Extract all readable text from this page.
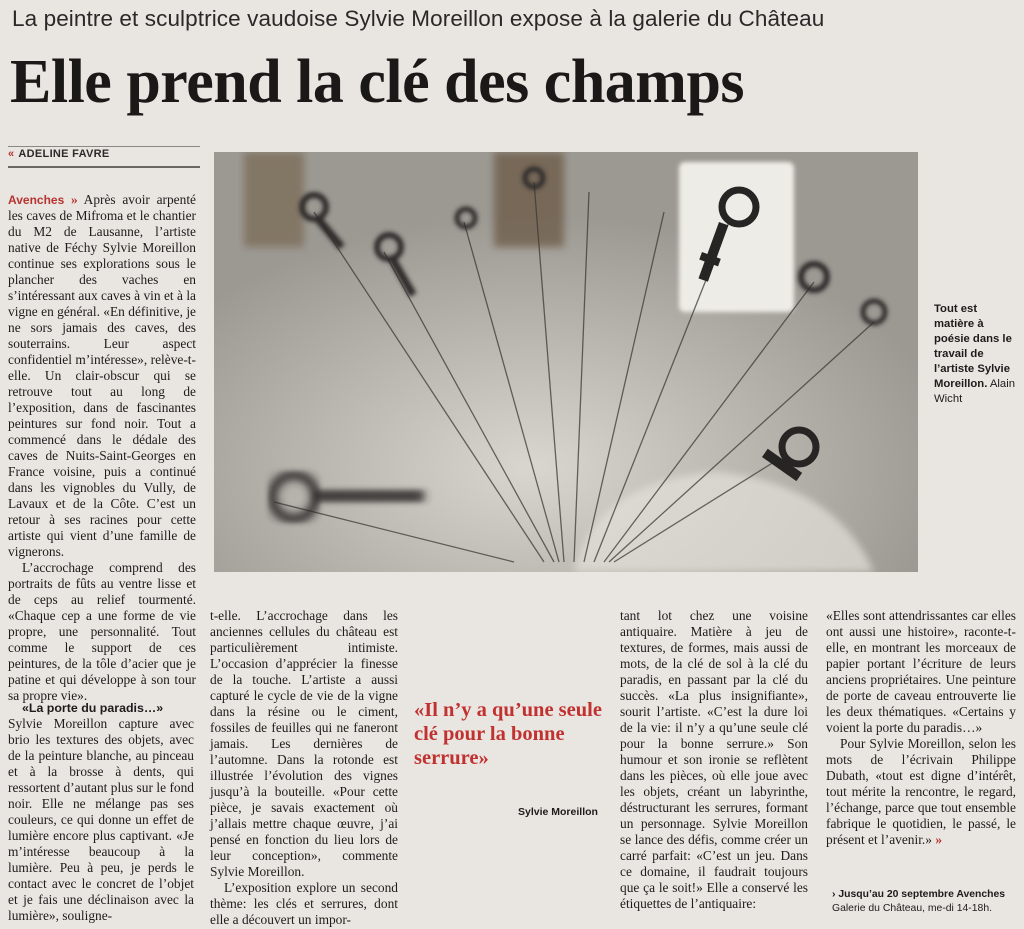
La peintre et sculptrice vaudoise Sylvie Moreillon expose à la galerie du Château
Elle prend la clé des champs
« ADELINE FAVRE

Avenches » Après avoir arpenté les caves de Mifroma et le chantier du M2 de Lausanne, l’artiste native de Féchy Sylvie Moreillon continue ses explorations sous le plancher des vaches en s’intéressant aux caves à vin et à la vigne en général. «En définitive, je ne sors jamais des caves, des souterrains. Leur aspect confidentiel m’intéresse», relève-t-elle. Un clair-obscur qui se retrouve tout au long de l’exposition, dans de fascinantes peintures sur fond noir. Tout a commencé dans le dédale des caves de Nuits-Saint-Georges en France voisine, puis a continué dans les vignobles du Vully, de Lavaux et de la Côte. C’est un retour à ses racines pour cette artiste qui vient d’une famille de vignerons.

L’accrochage comprend des portraits de fûts au ventre lisse et de ceps au relief tourmenté. «Chaque cep a une forme de vie propre, une personnalité. Tout comme le support de ces peintures, de la tôle d’acier que je patine et qui développe à son tour sa propre vie».

«La porte du paradis…»

Sylvie Moreillon capture avec brio les textures des objets, avec de la peinture blanche, au pinceau et à la brosse à dents, qui ressortent d’autant plus sur le fond noir. Elle ne mélange pas ses couleurs, ce qui donne un effet de lumière encore plus captivant. «Je m’intéresse beaucoup à la lumière. Peu à peu, je perds le contact avec le concret de l’objet et je fais une déclinaison avec la lumière», souligne-

Tout est matière à poésie dans le travail de l’artiste Sylvie Moreillon. Alain Wicht

t-elle. L’accrochage dans les anciennes cellules du château est particulièrement intimiste. L’occasion d’apprécier la finesse de la touche. L’artiste a aussi capturé le cycle de vie de la vigne dans la résine ou le ciment, fossiles de feuilles qui ne faneront jamais. Les dernières de l’automne. Dans la rotonde est illustrée l’évolution des vignes jusqu’à la bouteille. «Pour cette pièce, je savais exactement où j’allais mettre chaque œuvre, j’ai pensé en fonction du lieu lors de leur conception», commente Sylvie Moreillon.

L’exposition explore un second thème: les clés et serrures, dont elle a découvert un impor-

«Il n’y a qu’une seule clé pour la bonne serrure»
Sylvie Moreillon

tant lot chez une voisine antiquaire. Matière à jeu de textures, de formes, mais aussi de mots, de la clé de sol à la clé du paradis, en passant par la clé du succès. «La plus insignifiante», sourit l’artiste. «C’est la dure loi de la vie: il n’y a qu’une seule clé pour la bonne serrure.» Son humour et son ironie se reflètent dans les pièces, où elle joue avec les objets, créant un labyrinthe, déstructurant les serrures, formant un personnage. Sylvie Moreillon se lance des défis, comme créer un carré parfait: «C’est un jeu. Dans ce domaine, il faudrait toujours que ça le soit!» Elle a conservé les étiquettes de l’antiquaire:

«Elles sont attendrissantes car elles ont aussi une histoire», raconte-t-elle, en montrant les morceaux de papier portant l’écriture de leurs anciens propriétaires. Une peinture de porte de caveau entrouverte lie les deux thématiques. «Certains y voient la porte du paradis…»

Pour Sylvie Moreillon, selon les mots de l’écrivain Philippe Dubath, «tout est digne d’intérêt, tout mérite la rencontre, le regard, l’échange, parce que tout ensemble fabrique le quotidien, le passé, le présent et l’avenir.» »

› Jusqu’au 20 septembre Avenches
Galerie du Château, me-di 14-18h.
